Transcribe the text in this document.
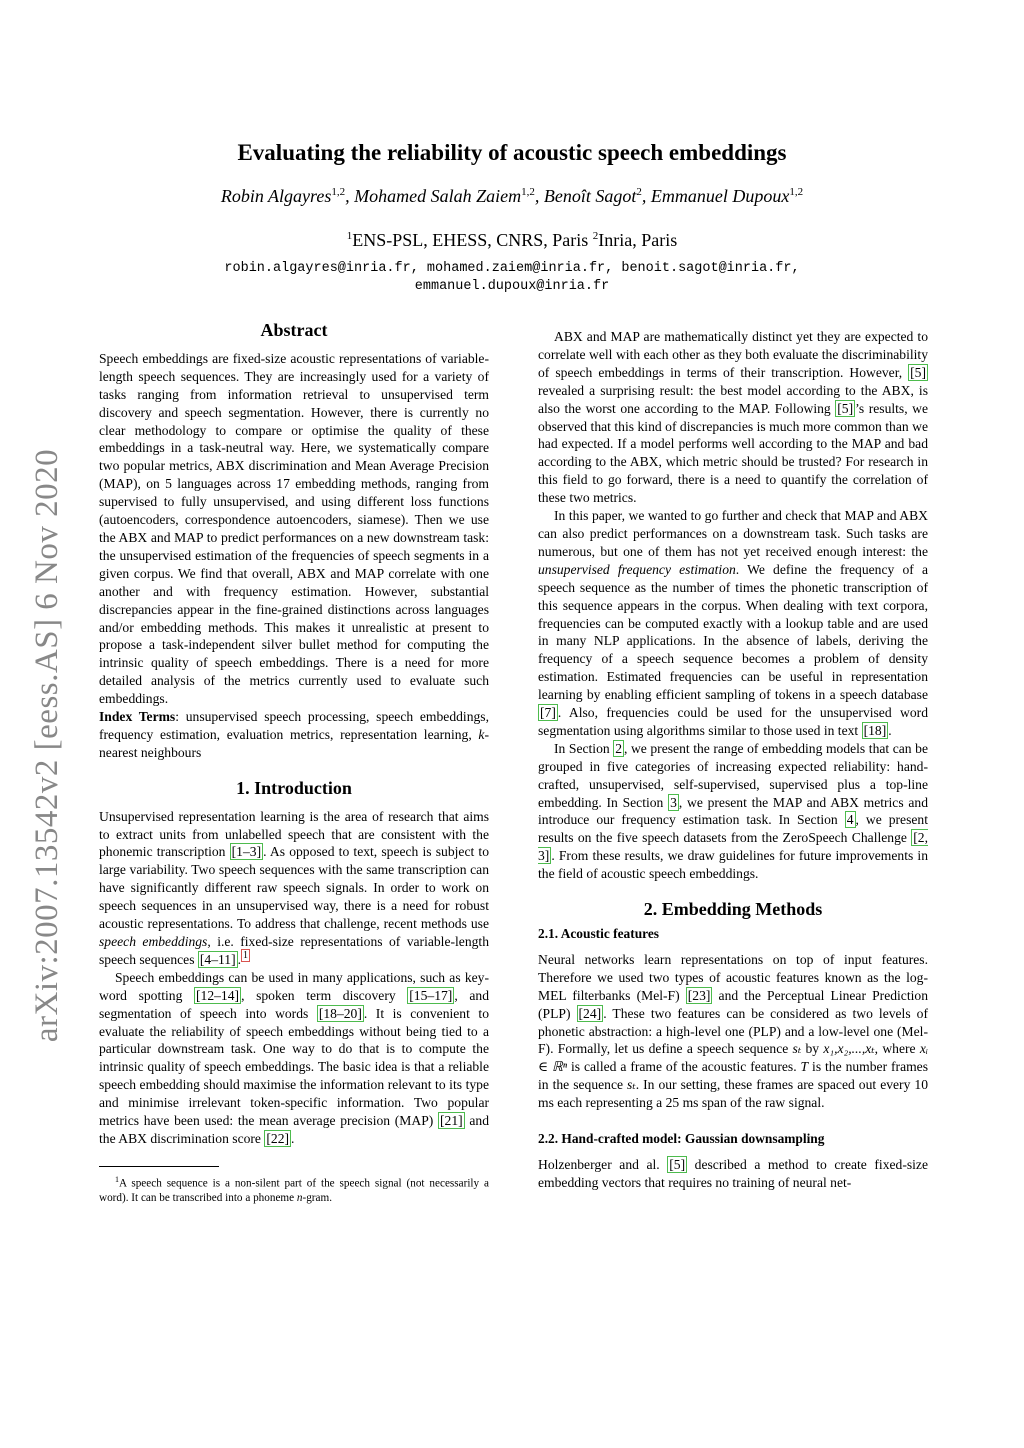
arXiv:2007.13542v2 [eess.AS] 6 Nov 2020
Evaluating the reliability of acoustic speech embeddings
Robin Algayres$^{1,2}$, Mohamed Salah Zaiem$^{1,2}$, Benoît Sagot$^2$, Emmanuel Dupoux$^{1,2}$
$^1$ENS-PSL, EHESS, CNRS, Paris $^2$Inria, Paris
robin.algayres@inria.fr, mohamed.zaiem@inria.fr, benoit.sagot@inria.fr,
emmanuel.dupoux@inria.fr
Abstract

Speech embeddings are fixed-size acoustic representations of variable-length speech sequences. They are increasingly used for a variety of tasks ranging from information retrieval to unsupervised term discovery and speech segmentation. However, there is currently no clear methodology to compare or optimise the quality of these embeddings in a task-neutral way. Here, we systematically compare two popular metrics, ABX discrimination and Mean Average Precision (MAP), on 5 languages across 17 embedding methods, ranging from supervised to fully unsupervised, and using different loss functions (autoencoders, correspondence autoencoders, siamese). Then we use the ABX and MAP to predict performances on a new downstream task: the unsupervised estimation of the frequencies of speech segments in a given corpus. We find that overall, ABX and MAP correlate with one another and with frequency estimation. However, substantial discrepancies appear in the fine-grained distinctions across languages and/or embedding methods. This makes it unrealistic at present to propose a task-independent silver bullet method for computing the intrinsic quality of speech embeddings. There is a need for more detailed analysis of the metrics currently used to evaluate such embeddings.

Index Terms: unsupervised speech processing, speech embeddings, frequency estimation, evaluation metrics, representation learning, k-nearest neighbours

1. Introduction

Unsupervised representation learning is the area of research that aims to extract units from unlabelled speech that are consistent with the phonemic transcription [1–3] . As opposed to text, speech is subject to large variability. Two speech sequences with the same transcription can have significantly different raw speech signals. In order to work on speech sequences in an unsupervised way, there is a need for robust acoustic representations. To address that challenge, recent methods use speech embeddings, i.e. fixed-size representations of variable-length speech sequences [4–11] . $^1$

Speech embeddings can be used in many applications, such as key-word spotting [12–14] , spoken term discovery [15–17] , and segmentation of speech into words [18–20] . It is convenient to evaluate the reliability of speech embeddings without being tied to a particular downstream task. One way to do that is to compute the intrinsic quality of speech embeddings. The basic idea is that a reliable speech embedding should maximise the information relevant to its type and minimise irrelevant token-specific information. Two popular metrics have been used: the mean average precision (MAP) [21] and the ABX discrimination score [22] .

$^1$A speech sequence is a non-silent part of the speech signal (not necessarily a word). It can be transcribed into a phoneme n-gram.

ABX and MAP are mathematically distinct yet they are expected to correlate well with each other as they both evaluate the discriminability of speech embeddings in terms of their transcription. However, [5] revealed a surprising result: the best model according to the ABX, is also the worst one according to the MAP. Following [5] ’s results, we observed that this kind of discrepancies is much more common than we had expected. If a model performs well according to the MAP and bad according to the ABX, which metric should be trusted? For research in this field to go forward, there is a need to quantify the correlation of these two metrics.

In this paper, we wanted to go further and check that MAP and ABX can also predict performances on a downstream task. Such tasks are numerous, but one of them has not yet received enough interest: the unsupervised frequency estimation. We define the frequency of a speech sequence as the number of times the phonetic transcription of this sequence appears in the corpus. When dealing with text corpora, frequencies can be computed exactly with a lookup table and are used in many NLP applications. In the absence of labels, deriving the frequency of a speech sequence becomes a problem of density estimation. Estimated frequencies can be useful in representation learning by enabling efficient sampling of tokens in a speech database [7] . Also, frequencies could be used for the unsupervised word segmentation using algorithms similar to those used in text [18] .

In Section 2 , we present the range of embedding models that can be grouped in five categories of increasing expected reliability: hand-crafted, unsupervised, self-supervised, supervised plus a top-line embedding. In Section 3 , we present the MAP and ABX metrics and introduce our frequency estimation task. In Section 4 , we present results on the five speech datasets from the ZeroSpeech Challenge [2, 3] . From these results, we draw guidelines for future improvements in the field of acoustic speech embeddings.

2. Embedding Methods
2.1. Acoustic features

Neural networks learn representations on top of input features. Therefore we used two types of acoustic features known as the log-MEL filterbanks (Mel-F) [23] and the Perceptual Linear Prediction (PLP) [24] . These two features can be considered as two levels of phonetic abstraction: a high-level one (PLP) and a low-level one (Mel-F). Formally, let us define a speech sequence sₜ by x₁,x₂,...,xₜ, where xᵢ ∈ ℝⁿ is called a frame of the acoustic features. T is the number frames in the sequence sₜ. In our setting, these frames are spaced out every 10 ms each representing a 25 ms span of the raw signal.

2.2. Hand-crafted model: Gaussian downsampling

Holzenberger and al. [5] described a method to create fixed-size embedding vectors that requires no training of neural net-
